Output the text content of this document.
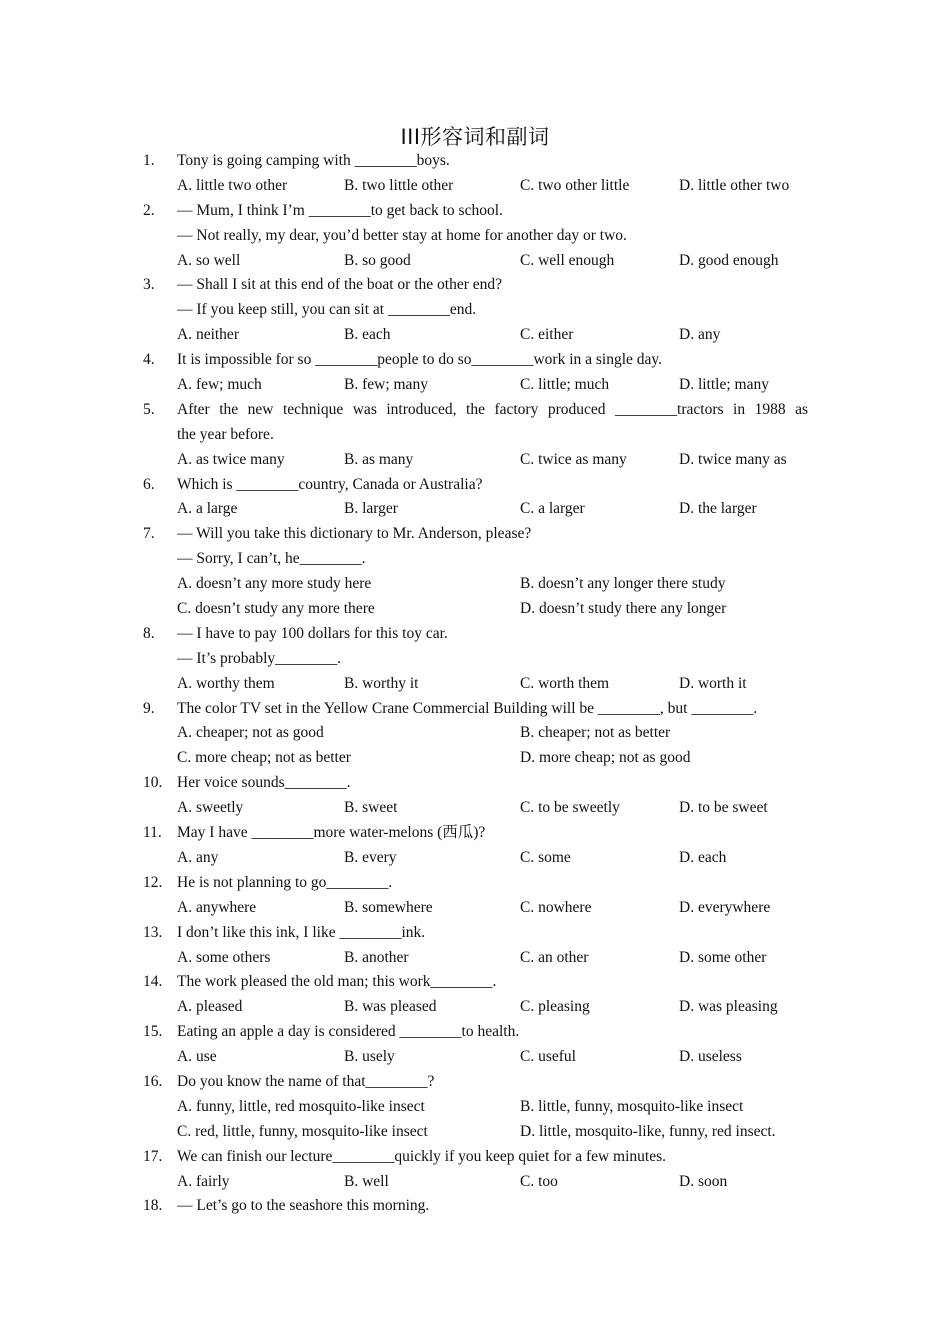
III形容词和副词
1.	Tony is going camping with ________boys.
A. little two other	B. two little other	C. two other little	D. little other two
2.	— Mum, I think I’m ________to get back to school.
— Not really, my dear, you’d better stay at home for another day or two.
A. so well	B. so good	C. well enough	D. good enough
3.	— Shall I sit at this end of the boat or the other end?
— If you keep still, you can sit at ________end.
A. neither	B. each	C. either	D. any
4.	It is impossible for so ________people to do so________work in a single day.
A. few; much	B. few; many	C. little; much	D. little; many
5.	After the new technique was introduced, the factory produced ________tractors in 1988 as
the year before.
A. as twice many	B. as many	C. twice as many	D. twice many as
6.	Which is ________country, Canada or Australia?
A. a large	B. larger	C. a larger	D. the larger
7.	— Will you take this dictionary to Mr. Anderson, please?
— Sorry, I can’t, he________.
A. doesn’t any more study here	B. doesn’t any longer there study
C. doesn’t study any more there	D. doesn’t study there any longer
8.	— I have to pay 100 dollars for this toy car.
— It’s probably________.
A. worthy them	B. worthy it	C. worth them	D. worth it
9.	The color TV set in the Yellow Crane Commercial Building will be ________, but ________.
A. cheaper; not as good	B. cheaper; not as better
C. more cheap; not as better	D. more cheap; not as good
10. Her voice sounds________.
A. sweetly	B. sweet	C. to be sweetly	D. to be sweet
11. May I have ________more water-melons (西瓜)?
A. any	B. every	C. some	D. each
12. He is not planning to go________.
A. anywhere	B. somewhere	C. nowhere	D. everywhere
13. I don’t like this ink, I like ________ink.
A. some others	B. another	C. an other	D. some other
14. The work pleased the old man; this work________.
A. pleased	B. was pleased	C. pleasing	D. was pleasing
15. Eating an apple a day is considered ________to health.
A. use	B. usely	C. useful	D. useless
16. Do you know the name of that________?
A. funny, little, red mosquito-like insect	B. little, funny, mosquito-like insect
C. red, little, funny, mosquito-like insect	D. little, mosquito-like, funny, red insect.
17. We can finish our lecture________quickly if you keep quiet for a few minutes.
A. fairly	B. well	C. too	D. soon
18. — Let’s go to the seashore this morning.
